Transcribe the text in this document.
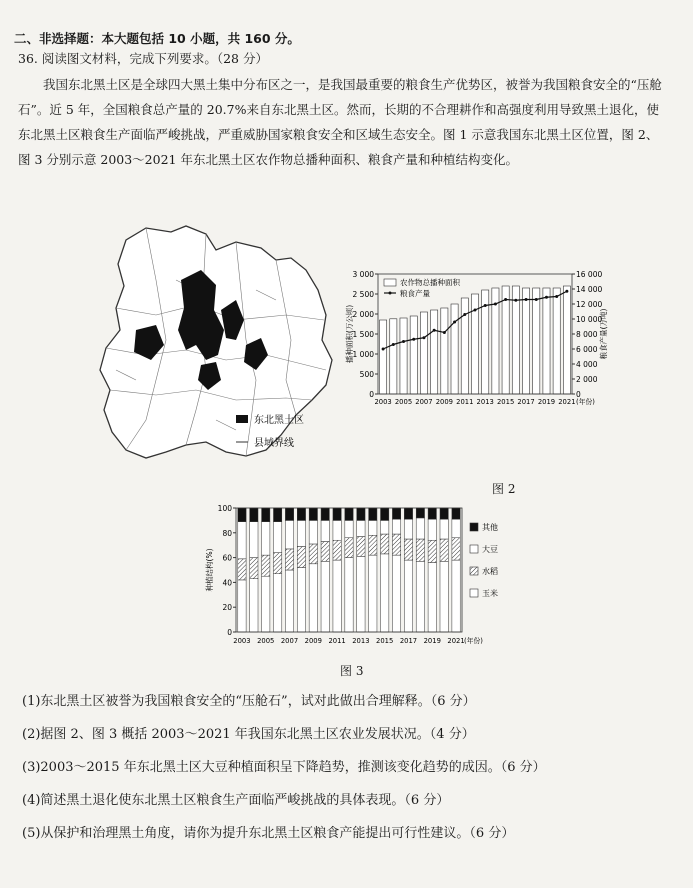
二、非选择题：本大题包括 10 小题，共 160 分。
36. 阅读图文材料，完成下列要求。（28 分）
我国东北黑土区是全球四大黑土集中分布区之一，是我国最重要的粮食生产优势区，被誉为我国粮食安全的“压舱石”。近 5 年，全国粮食总产量的 20.7%来自东北黑土区。然而，长期的不合理耕作和高强度利用导致黑土退化，使东北黑土区粮食生产面临严峻挑战，严重威胁国家粮食安全和区域生态安全。图 1 示意我国东北黑土区位置，图 2、图 3 分别示意 2003～2021 年东北黑土区农作物总播种面积、粮食产量和种植结构变化。
东北黑土区
县域界线
0
500
1 000
1 500
2 000
2 500
3 000
0
2 000
4 000
6 000
8 000
10 000
12 000
14 000
16 000
2003 2005 2007 2009 2011 2013 2015 2017 2019 2021 (年份)
播种面积(万公顷)	粮食产量(万吨)
农作物总播种面积
粮食产量
图 2
0
20
40
60
80
100
2003 2005 2007 2009 2011 2013 2015 2017 2019 2021 (年份)
种植结构(%)
其他
大豆
水稻
玉米
图 3
(1)东北黑土区被誉为我国粮食安全的“压舱石”，试对此做出合理解释。（6 分）
(2)据图 2、图 3 概括 2003～2021 年我国东北黑土区农业发展状况。（4 分）
(3)2003～2015 年东北黑土区大豆种植面积呈下降趋势，推测该变化趋势的成因。（6 分）
(4)简述黑土退化使东北黑土区粮食生产面临严峻挑战的具体表现。（6 分）
(5)从保护和治理黑土角度，请你为提升东北黑土区粮食产能提出可行性建议。（6 分）
